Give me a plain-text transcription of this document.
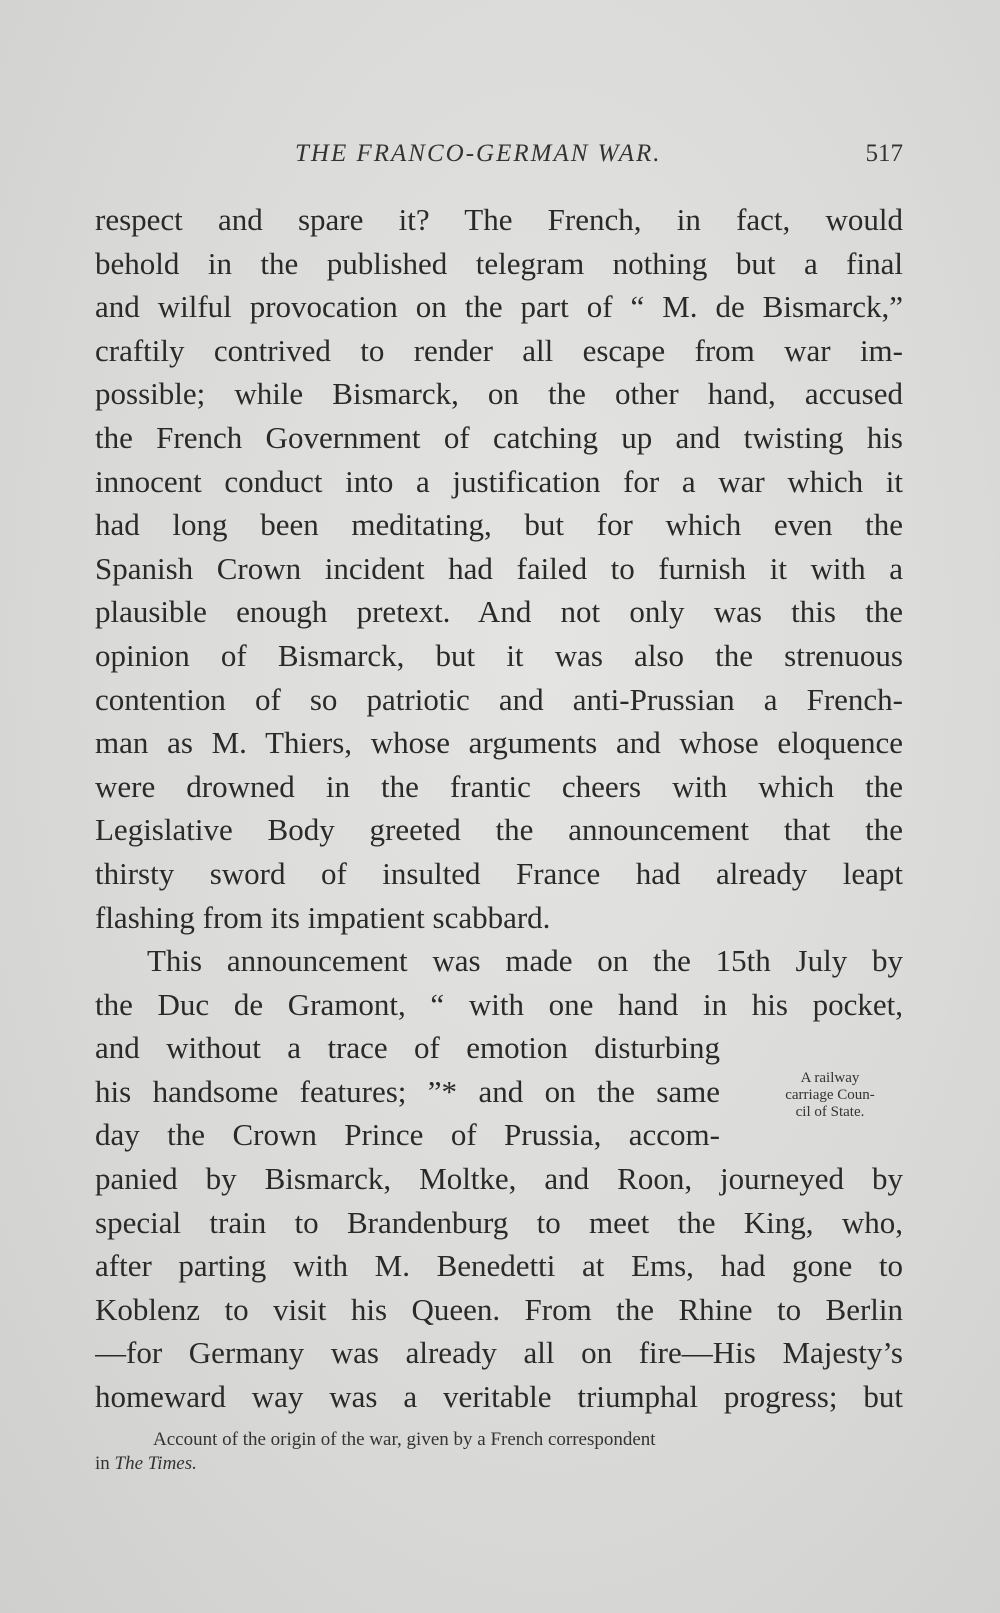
THE FRANCO-GERMAN WAR.	517
respect and spare it? The French, in fact, would
behold in the published telegram nothing but a final
and wilful provocation on the part of “ M. de Bismarck,”
craftily contrived to render all escape from war im-
possible; while Bismarck, on the other hand, accused
the French Government of catching up and twisting his
innocent conduct into a justification for a war which it
had long been meditating, but for which even the
Spanish Crown incident had failed to furnish it with a
plausible enough pretext. And not only was this the
opinion of Bismarck, but it was also the strenuous
contention of so patriotic and anti-Prussian a French-
man as M. Thiers, whose arguments and whose eloquence
were drowned in the frantic cheers with which the
Legislative Body greeted the announcement that the
thirsty sword of insulted France had already leapt
flashing from its impatient scabbard.
This announcement was made on the 15th July by
the Duc de Gramont, “ with one hand in his pocket,
and without a trace of emotion disturbing
his handsome features; ”* and on the same
day the Crown Prince of Prussia, accom-
panied by Bismarck, Moltke, and Roon, journeyed by
special train to Brandenburg to meet the King, who,
after parting with M. Benedetti at Ems, had gone to
Koblenz to visit his Queen. From the Rhine to Berlin
—for Germany was already all on fire—His Majesty’s
homeward way was a veritable triumphal progress; but
A railway
carriage Coun-
cil of State.
Account of the origin of the war, given by a French correspondent
in The Times.
